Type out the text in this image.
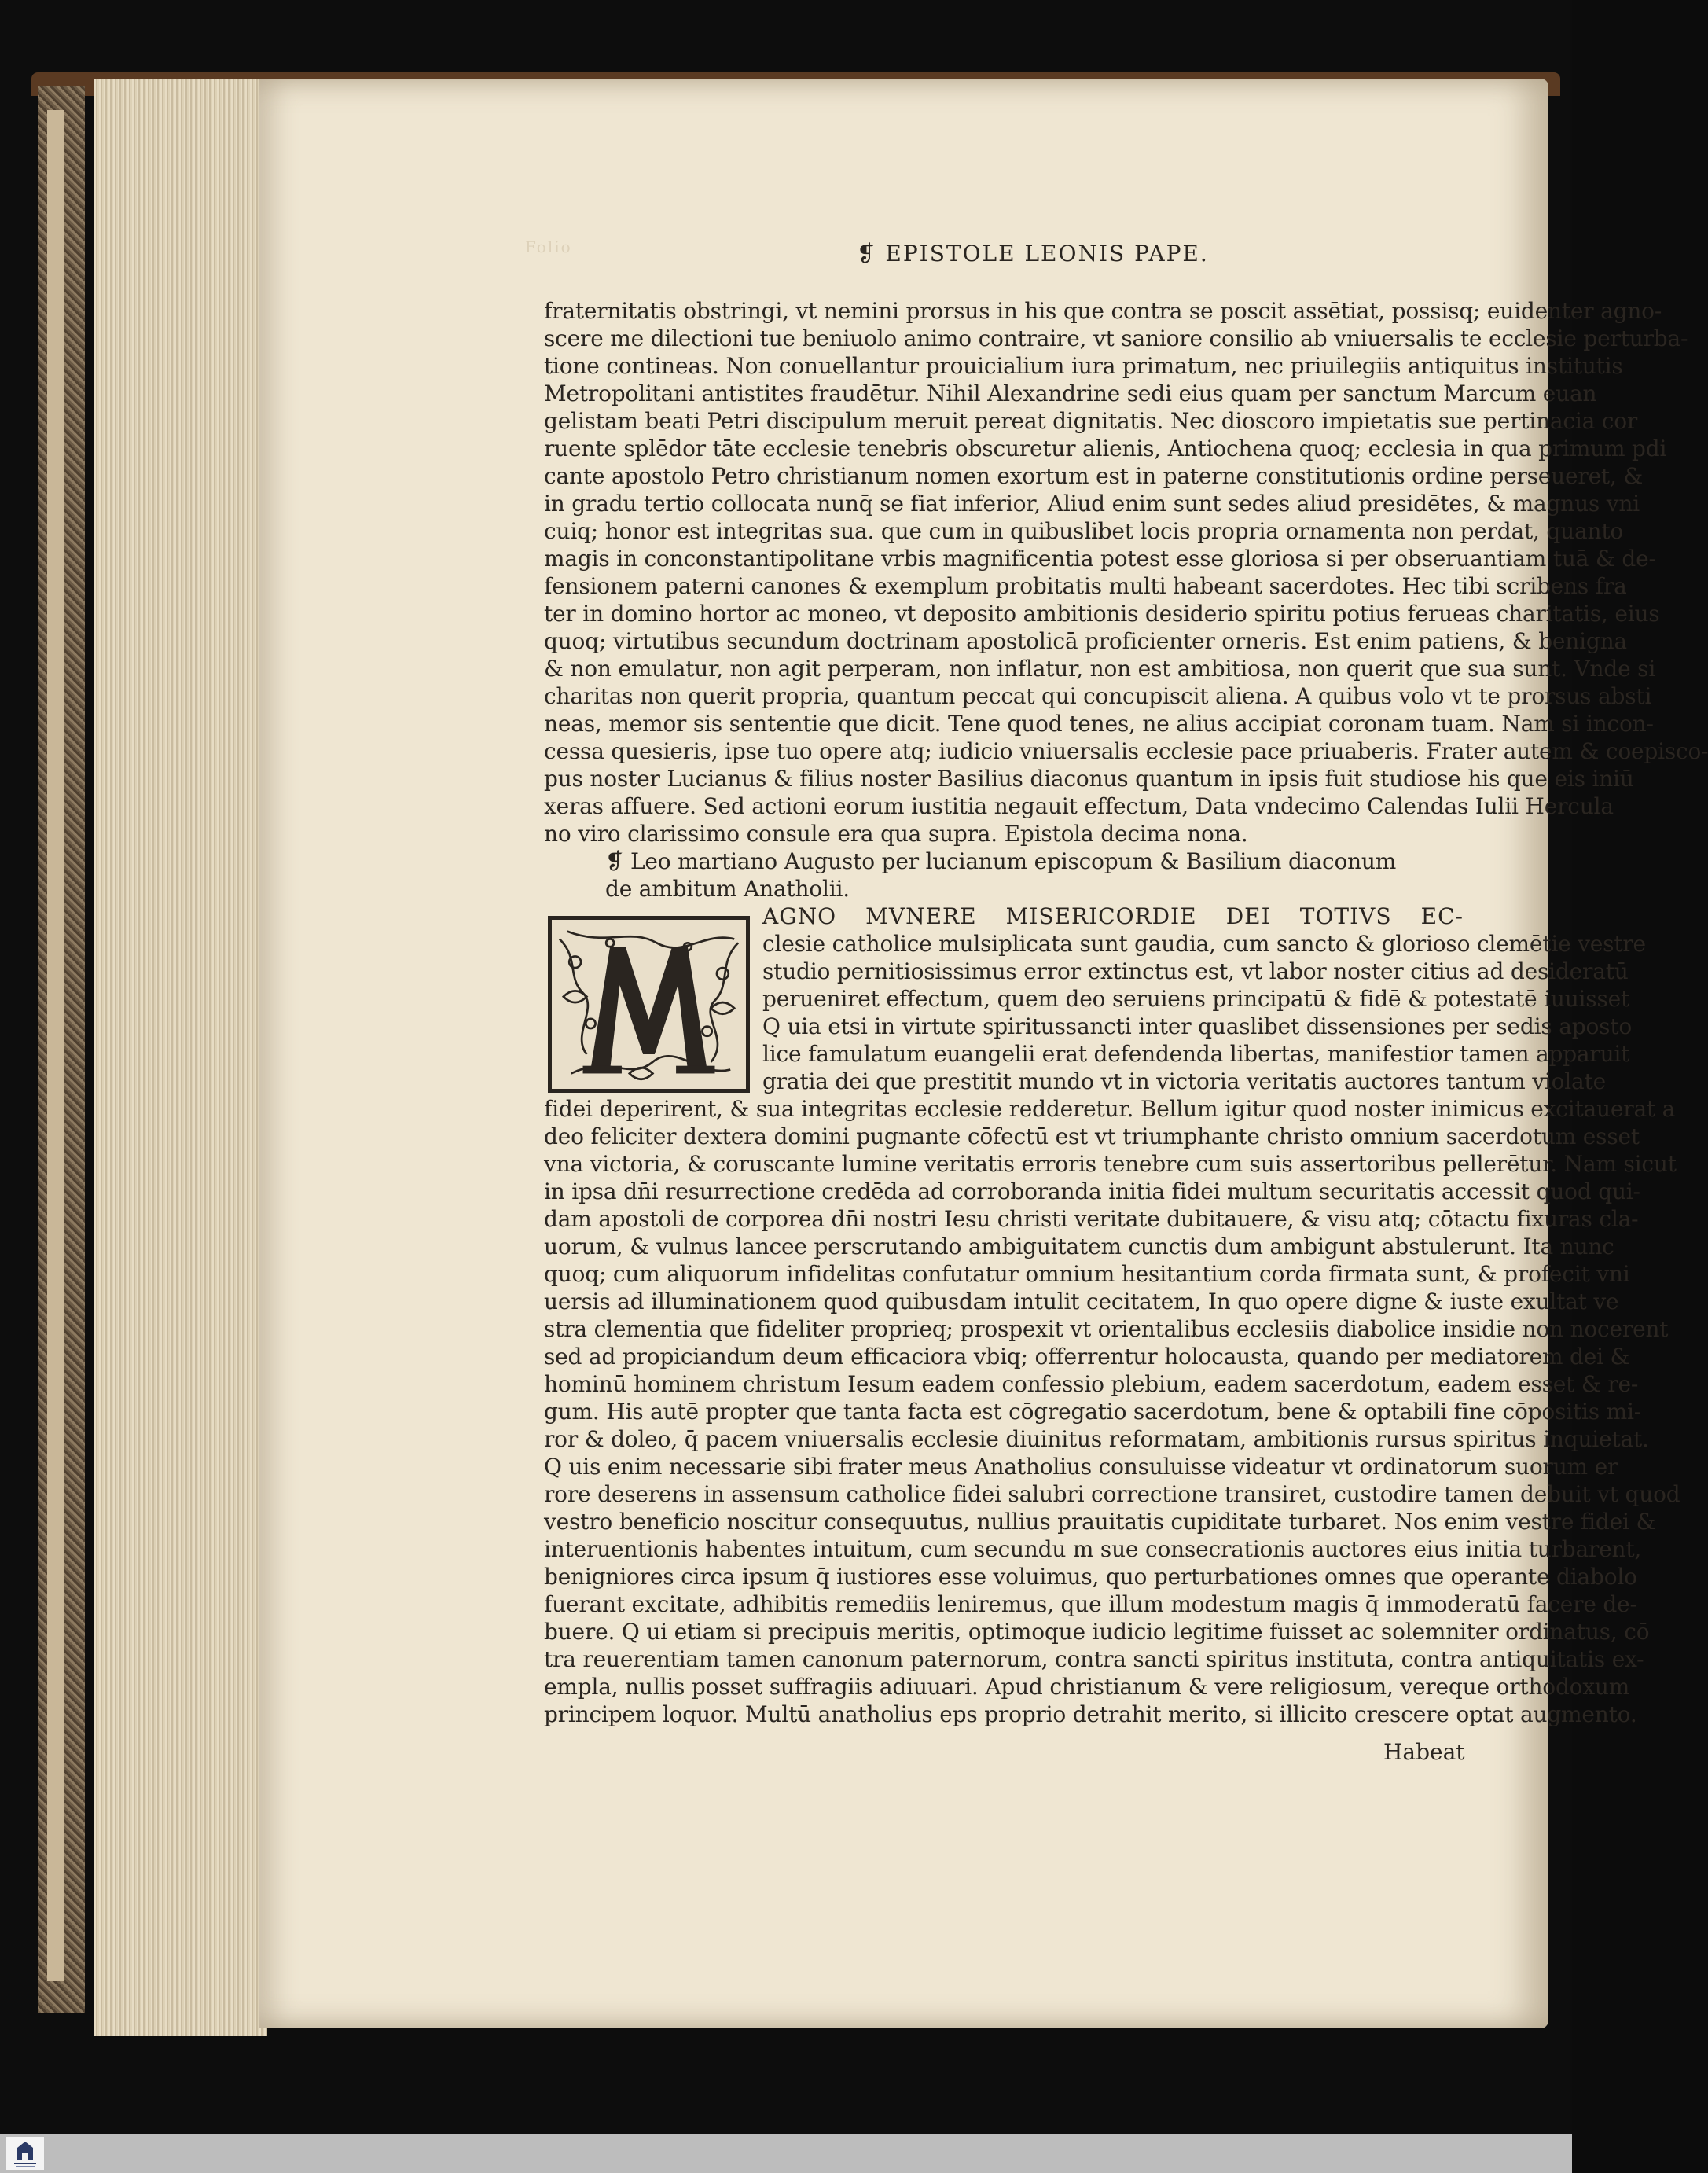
Folio	❡ EPISTOLE LEONIS PAPE.
fraternitatis obstringi, vt nemini prorsus in his que contra se poscit assētiat, possisq; euidenter agno-
scere me dilectioni tue beniuolo animo contraire, vt saniore consilio ab vniuersalis te ecclesie perturba-
tione contineas. Non conuellantur prouicialium iura primatum, nec priuilegiis antiquitus institutis
Metropolitani antistites fraudētur. Nihil Alexandrine sedi eius quam per sanctum Marcum euan
gelistam beati Petri discipulum meruit pereat dignitatis. Nec dioscoro impietatis sue pertinacia cor
ruente splēdor tāte ecclesie tenebris obscuretur alienis, Antiochena quoq; ecclesia in qua primum pdi
cante apostolo Petro christianum nomen exortum est in paterne constitutionis ordine perseueret, &
in gradu tertio collocata nunq̄ se fiat inferior, Aliud enim sunt sedes aliud presidētes, & magnus vni
cuiq; honor est integritas sua. que cum in quibuslibet locis propria ornamenta non perdat, quanto
magis in conconstantipolitane vrbis magnificentia potest esse gloriosa si per obseruantiam tuā & de-
fensionem paterni canones & exemplum probitatis multi habeant sacerdotes. Hec tibi scribens fra
ter in domino hortor ac moneo, vt deposito ambitionis desiderio spiritu potius ferueas charitatis, eius
quoq; virtutibus secundum doctrinam apostolicā proficienter orneris. Est enim patiens, & benigna
& non emulatur, non agit perperam, non inflatur, non est ambitiosa, non querit que sua sunt. Vnde si
charitas non querit propria, quantum peccat qui concupiscit aliena. A quibus volo vt te prorsus absti
neas, memor sis sententie que dicit. Tene quod tenes, ne alius accipiat coronam tuam. Nam si incon-
cessa quesieris, ipse tuo opere atq; iudicio vniuersalis ecclesie pace priuaberis. Frater autem & coepisco-
pus noster Lucianus & filius noster Basilius diaconus quantum in ipsis fuit studiose his que eis iniū
xeras affuere. Sed actioni eorum iustitia negauit effectum, Data vndecimo Calendas Iulii Hercula
no viro clarissimo consule era qua supra. Epistola decima nona.
❡ Leo martiano Augusto per lucianum episcopum & Basilium diaconum
de ambitum Anatholii.
AGNO MVNERE MISERICORDIE DEI TOTIVS EC-
clesie catholice mulsiplicata sunt gaudia, cum sancto & glorioso clemētie vestre
studio pernitiosissimus error extinctus est, vt labor noster citius ad desideratū
perueniret effectum, quem deo seruiens principatū & fidē & potestatē iuuisset
Q uia etsi in virtute spiritussancti inter quaslibet dissensiones per sedis aposto
lice famulatum euangelii erat defendenda libertas, manifestior tamen apparuit
gratia dei que prestitit mundo vt in victoria veritatis auctores tantum violate
fidei deperirent, & sua integritas ecclesie redderetur. Bellum igitur quod noster inimicus excitauerat a
deo feliciter dextera domini pugnante cōfectū est vt triumphante christo omnium sacerdotum esset
vna victoria, & coruscante lumine veritatis erroris tenebre cum suis assertoribus pellerētur. Nam sicut
in ipsa dn̄i resurrectione credēda ad corroboranda initia fidei multum securitatis accessit quod qui-
dam apostoli de corporea dn̄i nostri Iesu christi veritate dubitauere, & visu atq; cōtactu fixuras cla-
uorum, & vulnus lancee perscrutando ambiguitatem cunctis dum ambigunt abstulerunt. Ita nunc
quoq; cum aliquorum infidelitas confutatur omnium hesitantium corda firmata sunt, & profecit vni
uersis ad illuminationem quod quibusdam intulit cecitatem, In quo opere digne & iuste exultat ve
stra clementia que fideliter proprieq; prospexit vt orientalibus ecclesiis diabolice insidie non nocerent
sed ad propiciandum deum efficaciora vbiq; offerrentur holocausta, quando per mediatorem dei &
hominū hominem christum Iesum eadem confessio plebium, eadem sacerdotum, eadem esset & re-
gum. His autē propter que tanta facta est cōgregatio sacerdotum, bene & optabili fine cōpositis mi-
ror & doleo, q̄ pacem vniuersalis ecclesie diuinitus reformatam, ambitionis rursus spiritus inquietat.
Q uis enim necessarie sibi frater meus Anatholius consuluisse videatur vt ordinatorum suorum er
rore deserens in assensum catholice fidei salubri correctione transiret, custodire tamen debuit vt quod
vestro beneficio noscitur consequutus, nullius prauitatis cupiditate turbaret. Nos enim vestre fidei &
interuentionis habentes intuitum, cum secundu m sue consecrationis auctores eius initia turbarent,
benigniores circa ipsum q̄ iustiores esse voluimus, quo perturbationes omnes que operante diabolo
fuerant excitate, adhibitis remediis leniremus, que illum modestum magis q̄ immoderatū facere de-
buere. Q ui etiam si precipuis meritis, optimoque iudicio legitime fuisset ac solemniter ordinatus, cō
tra reuerentiam tamen canonum paternorum, contra sancti spiritus instituta, contra antiquitatis ex-
empla, nullis posset suffragiis adiuuari. Apud christianum & vere religiosum, vereque orthodoxum
principem loquor. Multū anatholius eps proprio detrahit merito, si illicito crescere optat augmento.
Habeat
